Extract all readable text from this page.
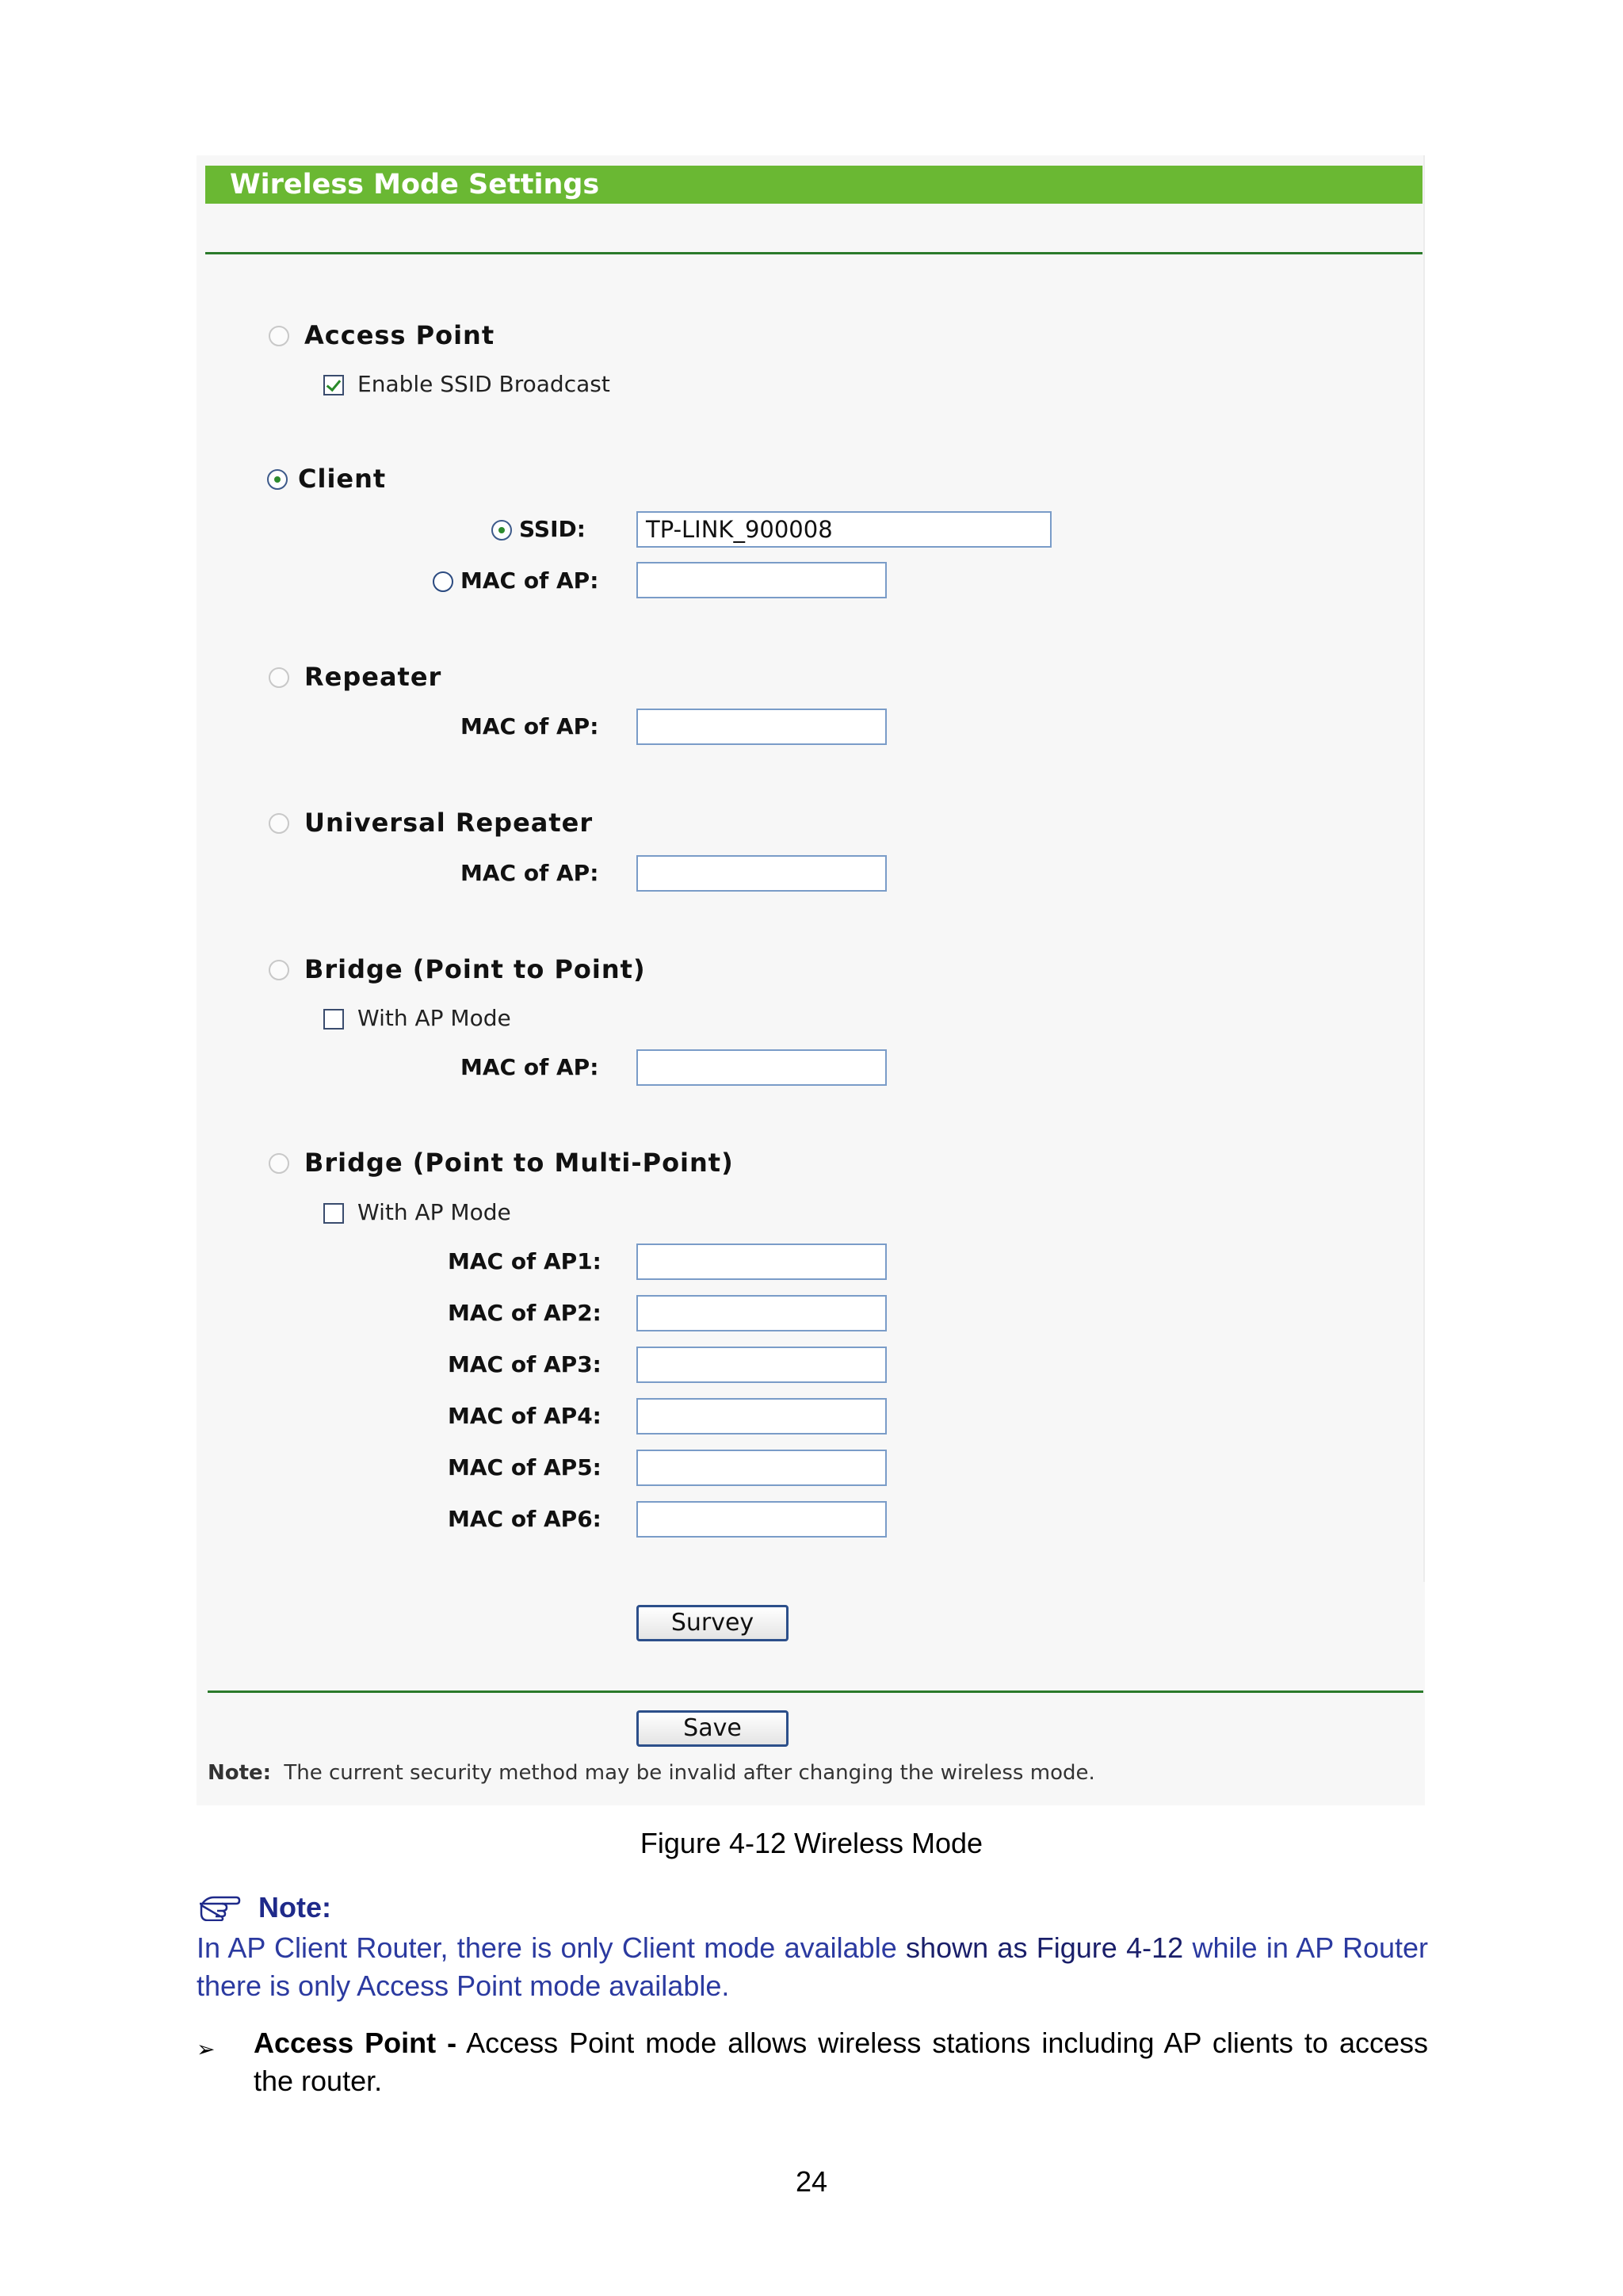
Wireless Mode Settings
Access Point
Enable SSID Broadcast
Client
SSID:	TP-LINK_900008
MAC of AP:
Repeater
MAC of AP:
Universal Repeater
MAC of AP:
Bridge (Point to Point)
With AP Mode
MAC of AP:
Bridge (Point to Multi-Point)
With AP Mode
MAC of AP1:
MAC of AP2:
MAC of AP3:
MAC of AP4:
MAC of AP5:
MAC of AP6:
Survey
Save
Note: The current security method may be invalid after changing the wireless mode.
Figure 4-12 Wireless Mode
Note:
In AP Client Router, there is only Client mode available shown as Figure 4-12 while in AP Router there is only Access Point mode available.
➢ Access Point - Access Point mode allows wireless stations including AP clients to access the router.
24
